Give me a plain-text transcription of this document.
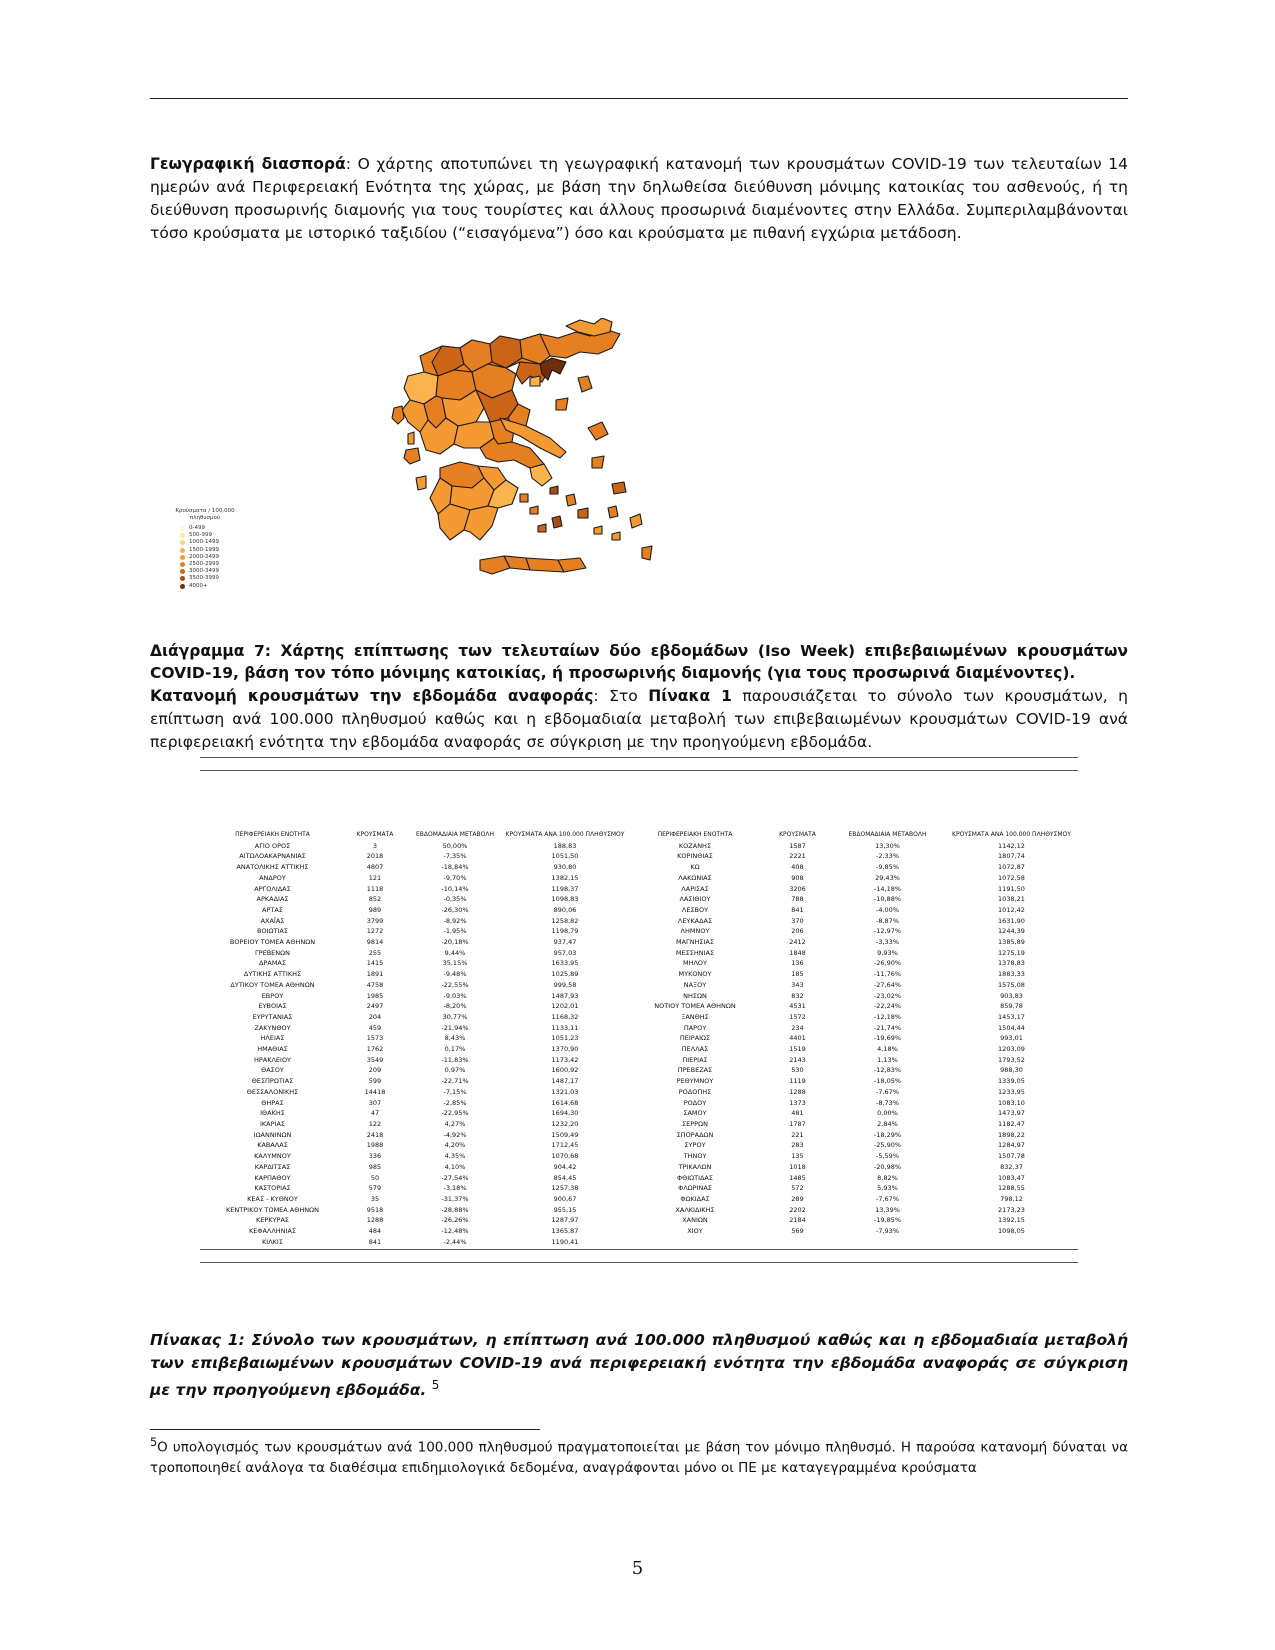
Γεωγραφική διασπορά: Ο χάρτης αποτυπώνει τη γεωγραφική κατανομή των κρουσμάτων COVID-19 των τελευταίων 14 ημερών ανά Περιφερειακή Ενότητα της χώρας, με βάση την δηλωθείσα διεύθυνση μόνιμης κατοικίας του ασθενούς, ή τη διεύθυνση προσωρινής διαμονής για τους τουρίστες και άλλους προσωρινά διαμένοντες στην Ελλάδα. Συμπεριλαμβάνονται τόσο κρούσματα με ιστορικό ταξιδίου (“εισαγόμενα”) όσο και κρούσματα με πιθανή εγχώρια μετάδοση.
Κρούσματα / 100.000 πληθυσμού
0-499
500-999
1000-1499
1500-1999
2000-2499
2500-2999
3000-3499
3500-3999
4000+
Διάγραμμα 7: Χάρτης επίπτωσης των τελευταίων δύο εβδομάδων (Iso Week) επιβεβαιωμένων κρουσμάτων COVID-19, βάση τον τόπο μόνιμης κατοικίας, ή προσωρινής διαμονής (για τους προσωρινά διαμένοντες).
Κατανομή κρουσμάτων την εβδομάδα αναφοράς: Στο Πίνακα 1 παρουσιάζεται το σύνολο των κρουσμάτων, η επίπτωση ανά 100.000 πληθυσμού καθώς και η εβδομαδιαία μεταβολή των επιβεβαιωμένων κρουσμάτων COVID-19 ανά περιφερειακή ενότητα την εβδομάδα αναφοράς σε σύγκριση με την προηγούμενη εβδομάδα.
ΠΕΡΙΦΕΡΕΙΑΚΗ ΕΝΟΤΗΤΑ	ΚΡΟΥΣΜΑΤΑ	ΕΒΔΟΜΑΔΙΑΙΑ ΜΕΤΑΒΟΛΗ	ΚΡΟΥΣΜΑΤΑ ΑΝΑ 100.000 ΠΛΗΘΥΣΜΟΥ	ΠΕΡΙΦΕΡΕΙΑΚΗ ΕΝΟΤΗΤΑ	ΚΡΟΥΣΜΑΤΑ	ΕΒΔΟΜΑΔΙΑΙΑ ΜΕΤΑΒΟΛΗ	ΚΡΟΥΣΜΑΤΑ ΑΝΑ 100.000 ΠΛΗΘΥΣΜΟΥ
ΑΓΙΟ ΟΡΟΣ	3	50,00%	188,83	ΚΟΖΑΝΗΣ	1587	13,30%	1142,12
ΑΙΤΩΛΟΑΚΑΡΝΑΝΙΑΣ	2018	-7,35%	1051,50	ΚΟΡΙΝΘΙΑΣ	2221	-2,33%	1807,74
ΑΝΑΤΟΛΙΚΗΣ ΑΤΤΙΚΗΣ	4807	-18,84%	930,80	ΚΩ	408	-9,85%	1072,87
ΑΝΔΡΟΥ	121	-9,70%	1382,15	ΛΑΚΩΝΙΑΣ	908	29,43%	1072,58
ΑΡΓΟΛΙΔΑΣ	1118	-10,14%	1198,37	ΛΑΡΙΣΑΣ	3206	-14,18%	1191,50
ΑΡΚΑΔΙΑΣ	852	-0,35%	1098,83	ΛΑΣΙΘΙΟΥ	788	-10,88%	1038,21
ΑΡΤΑΣ	989	-26,30%	890,06	ΛΕΣΒΟΥ	841	-4,00%	1012,42
ΑΧΑΪΑΣ	3799	-8,92%	1258,82	ΛΕΥΚΑΔΑΣ	370	-8,87%	1631,90
ΒΟΙΩΤΙΑΣ	1272	-1,95%	1198,79	ΛΗΜΝΟΥ	206	-12,97%	1244,39
ΒΟΡΕΙΟΥ ΤΟΜΕΑ ΑΘΗΝΩΝ	9814	-20,18%	937,47	ΜΑΓΝΗΣΙΑΣ	2412	-3,33%	1385,89
ΓΡΕΒΕΝΩΝ	255	9,44%	957,03	ΜΕΣΣΗΝΙΑΣ	1848	9,93%	1275,19
ΔΡΑΜΑΣ	1415	35,15%	1633,95	ΜΗΛΟΥ	136	-26,90%	1378,83
ΔΥΤΙΚΗΣ ΑΤΤΙΚΗΣ	1891	-9,48%	1025,89	ΜΥΚΟΝΟΥ	185	-11,76%	1883,33
ΔΥΤΙΚΟΥ ΤΟΜΕΑ ΑΘΗΝΩΝ	4758	-22,55%	999,58	ΝΑΞΟΥ	343	-27,64%	1575,08
ΕΒΡΟΥ	1985	-9,03%	1487,93	ΝΗΣΩΝ	832	-23,02%	903,83
ΕΥΒΟΙΑΣ	2497	-8,20%	1202,01	ΝΟΤΙΟΥ ΤΟΜΕΑ ΑΘΗΝΩΝ	4531	-22,24%	859,78
ΕΥΡΥΤΑΝΙΑΣ	204	30,77%	1168,32	ΞΑΝΘΗΣ	1572	-12,18%	1453,17
ΖΑΚΥΝΘΟΥ	459	-21,94%	1133,11	ΠΑΡΟΥ	234	-21,74%	1504,44
ΗΛΕΙΑΣ	1573	8,43%	1051,23	ΠΕΙΡΑΙΩΣ	4401	-19,69%	993,01
ΗΜΑΘΙΑΣ	1762	0,17%	1370,90	ΠΕΛΛΑΣ	1519	4,18%	1203,09
ΗΡΑΚΛΕΙΟΥ	3549	-11,83%	1173,42	ΠΙΕΡΙΑΣ	2143	1,13%	1793,52
ΘΑΣΟΥ	209	0,97%	1600,92	ΠΡΕΒΕΖΑΣ	530	-12,83%	988,30
ΘΕΣΠΡΩΤΙΑΣ	599	-22,71%	1487,17	ΡΕΘΥΜΝΟΥ	1119	-18,05%	1339,05
ΘΕΣΣΑΛΟΝΙΚΗΣ	14418	-7,15%	1321,03	ΡΟΔΟΠΗΣ	1288	-7,67%	1233,95
ΘΗΡΑΣ	307	-2,85%	1614,68	ΡΟΔΟΥ	1373	-8,73%	1083,10
ΙΘΑΚΗΣ	47	-22,95%	1694,30	ΣΑΜΟΥ	481	0,00%	1473,97
ΙΚΑΡΙΑΣ	122	4,27%	1232,20	ΣΕΡΡΩΝ	1787	2,84%	1182,47
ΙΩΑΝΝΙΝΩΝ	2418	-4,92%	1509,49	ΣΠΟΡΑΔΩΝ	221	-18,29%	1898,22
ΚΑΒΑΛΑΣ	1988	4,20%	1712,45	ΣΥΡΟΥ	283	-25,90%	1284,97
ΚΑΛΥΜΝΟΥ	336	4,35%	1070,68	ΤΗΝΟΥ	135	-5,59%	1507,78
ΚΑΡΔΙΤΣΑΣ	985	4,10%	904,42	ΤΡΙΚΑΛΩΝ	1018	-20,98%	832,37
ΚΑΡΠΑΘΟΥ	50	-27,54%	854,45	ΦΘΙΩΤΙΔΑΣ	1485	8,82%	1083,47
ΚΑΣΤΟΡΙΑΣ	579	-3,18%	1257,38	ΦΛΩΡΙΝΑΣ	572	5,93%	1288,55
ΚΕΑΣ - ΚΥΘΝΟΥ	35	-31,37%	900,67	ΦΩΚΙΔΑΣ	289	-7,67%	798,12
ΚΕΝΤΡΙΚΟΥ ΤΟΜΕΑ ΑΘΗΝΩΝ	9518	-28,88%	955,15	ΧΑΛΚΙΔΙΚΗΣ	2202	13,39%	2173,23
ΚΕΡΚΥΡΑΣ	1288	-26,26%	1287,97	ΧΑΝΙΩΝ	2184	-19,85%	1392,15
ΚΕΦΑΛΛΗΝΙΑΣ	484	-12,48%	1365,87	ΧΙΟΥ	569	-7,93%	1098,05
ΚΙΛΚΙΣ	841	-2,44%	1190,41				
Πίνακας 1: Σύνολο των κρουσμάτων, η επίπτωση ανά 100.000 πληθυσμού καθώς και η εβδομαδιαία μεταβολή των επιβεβαιωμένων κρουσμάτων COVID-19 ανά περιφερειακή ενότητα την εβδομάδα αναφοράς σε σύγκριση με την προηγούμενη εβδομάδα. $^5$
$^5$Ο υπολογισμός των κρουσμάτων ανά 100.000 πληθυσμού πραγματοποιείται με βάση τον μόνιμο πληθυσμό. Η παρούσα κατανομή δύναται να τροποποιηθεί ανάλογα τα διαθέσιμα επιδημιολογικά δεδομένα, αναγράφονται μόνο οι ΠΕ με καταγεγραμμένα κρούσματα
5
